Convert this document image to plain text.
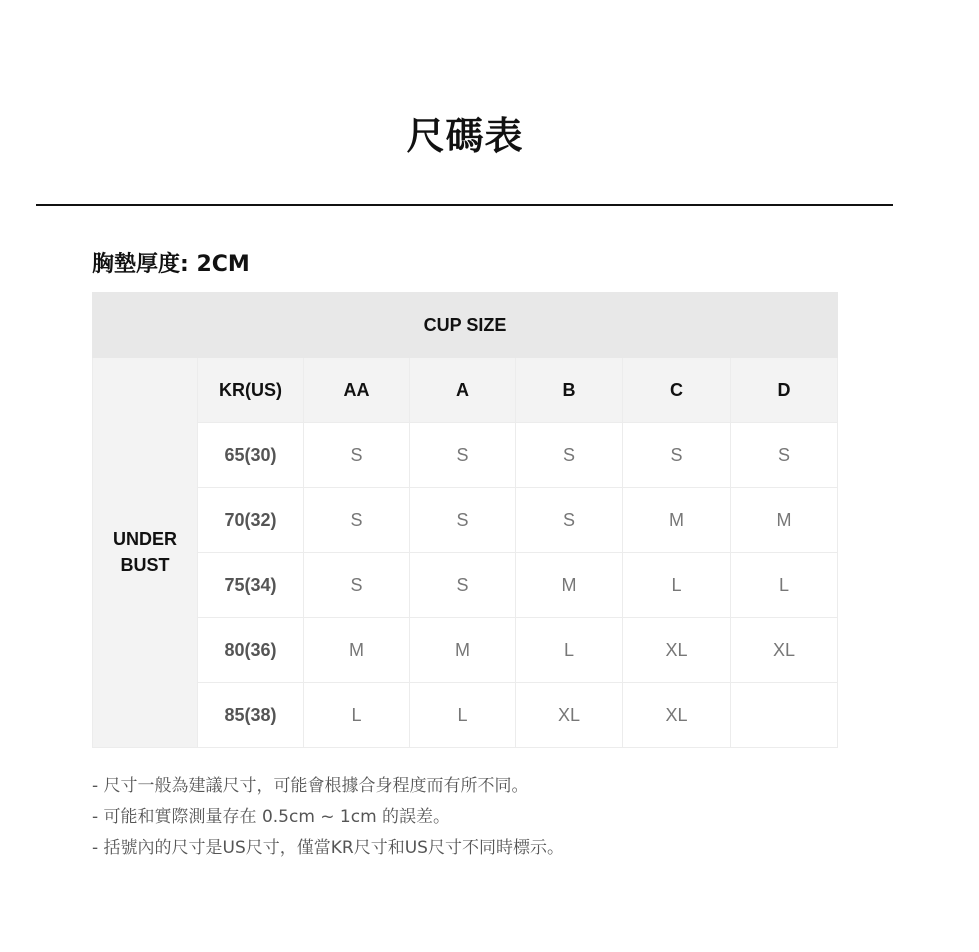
尺碼表
胸墊厚度: 2CM
CUP SIZE						

UNDER
BUST	KR(US)	AA	A	B	C	D
	65(30)	S	S	S	S	S
	70(32)	S	S	S	M	M
	75(34)	S	S	M	L	L
	80(36)	M	M	L	XL	XL
	85(38)	L	L	XL	XL	
- 尺寸一般為建議尺寸，可能會根據合身程度而有所不同。
- 可能和實際測量存在 0.5cm ~ 1cm 的誤差。
- 括號內的尺寸是US尺寸，僅當KR尺寸和US尺寸不同時標示。
